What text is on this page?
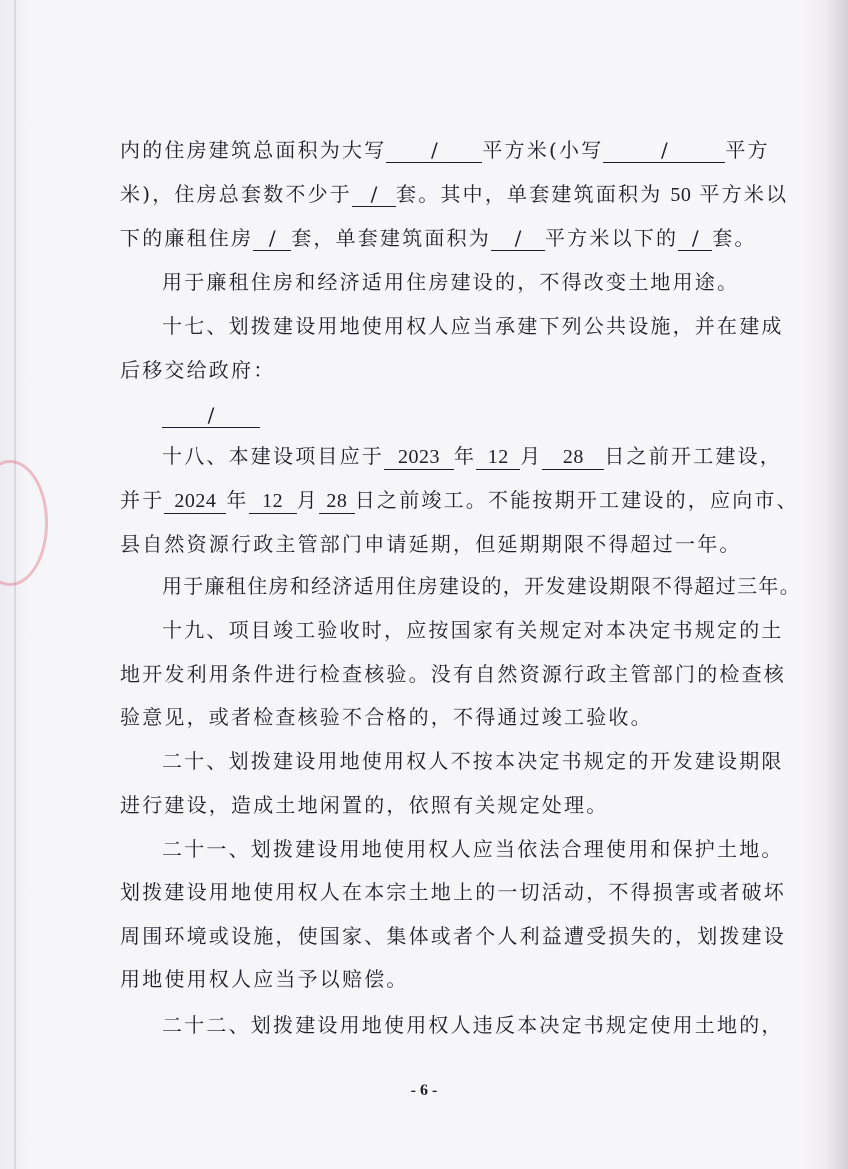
内的住房建筑总面积为大写 / 平方米(小写	/	平方
米)，住房总套数不少于 / 套。其中，单套建筑面积为 50 平方米以
下的廉租住房 / 套，单套建筑面积为 / 平方米以下的 / 套。
用于廉租住房和经济适用住房建设的，不得改变土地用途。
十七、划拨建设用地使用权人应当承建下列公共设施，并在建成
后移交给政府：
/
十八、本建设项目应于 2023 年 12 月 28 日之前开工建设，
并于 2024 年 12 月 28 日之前竣工。不能按期开工建设的，应向市、
县自然资源行政主管部门申请延期，但延期期限不得超过一年。
用于廉租住房和经济适用住房建设的，开发建设期限不得超过三年。
十九、项目竣工验收时，应按国家有关规定对本决定书规定的土
地开发利用条件进行检查核验。没有自然资源行政主管部门的检查核
验意见，或者检查核验不合格的，不得通过竣工验收。
二十、划拨建设用地使用权人不按本决定书规定的开发建设期限
进行建设，造成土地闲置的，依照有关规定处理。
二十一、划拨建设用地使用权人应当依法合理使用和保护土地。
划拨建设用地使用权人在本宗土地上的一切活动，不得损害或者破坏
周围环境或设施，使国家、集体或者个人利益遭受损失的，划拨建设
用地使用权人应当予以赔偿。
二十二、划拨建设用地使用权人违反本决定书规定使用土地的，
- 6 -
